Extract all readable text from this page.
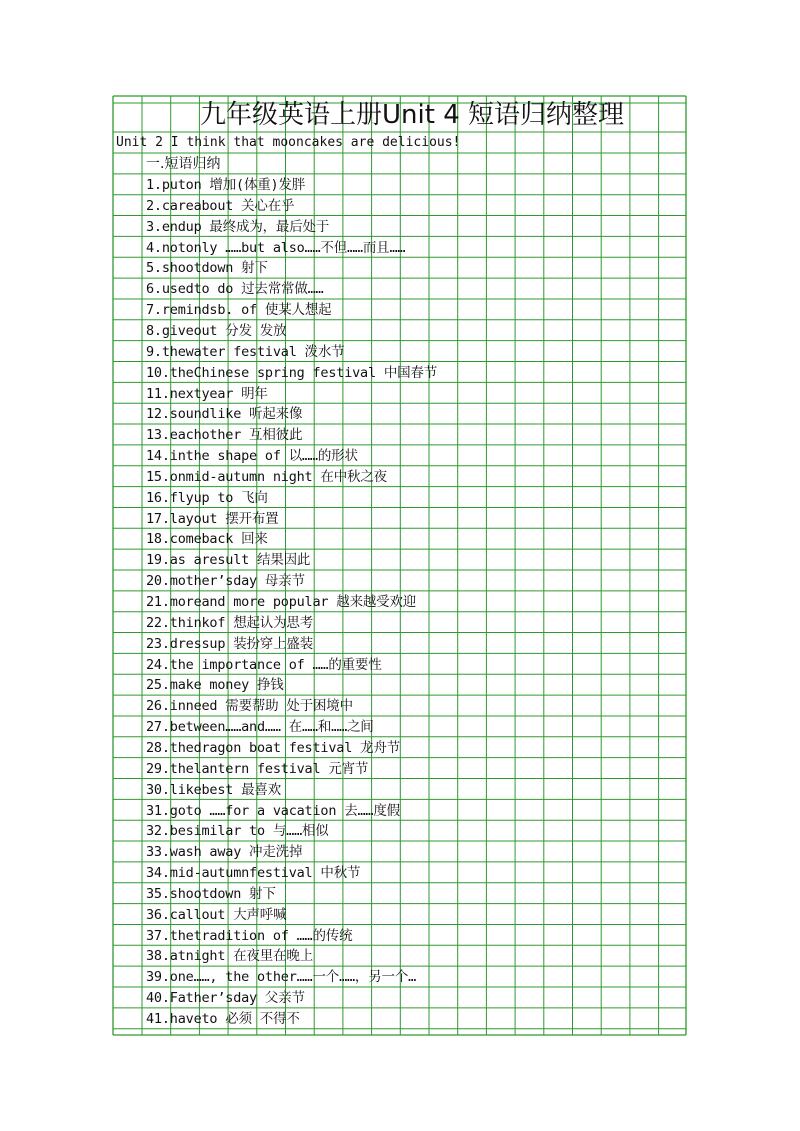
九年级英语上册Unit 4 短语归纳整理
Unit 2 I think that mooncakes are delicious!
一.短语归纳
1.puton 增加(体重)发胖
2.careabout 关心在乎
3.endup 最终成为，最后处于
4.notonly ……but also……不但……而且……
5.shootdown 射下
6.usedto do 过去常常做……
7.remindsb. of 使某人想起
8.giveout 分发 发放
9.thewater festival 泼水节
10.theChinese spring festival 中国春节
11.nextyear 明年
12.soundlike 听起来像
13.eachother 互相彼此
14.inthe shape of 以……的形状
15.onmid-autumn night 在中秋之夜
16.flyup to 飞向
17.layout 摆开布置
18.comeback 回来
19.as aresult 结果因此
20.mother’sday 母亲节
21.moreand more popular 越来越受欢迎
22.thinkof 想起认为思考
23.dressup 装扮穿上盛装
24.the importance of ……的重要性
25.make money 挣钱
26.inneed 需要帮助 处于困境中
27.between……and…… 在……和……之间
28.thedragon boat festival 龙舟节
29.thelantern festival 元宵节
30.likebest 最喜欢
31.goto ……for a vacation 去……度假
32.besimilar to 与……相似
33.wash away 冲走洗掉
34.mid-autumnfestival 中秋节
35.shootdown 射下
36.callout 大声呼喊
37.thetradition of ……的传统
38.atnight 在夜里在晚上
39.one……, the other……一个……，另一个…
40.Father’sday 父亲节
41.haveto 必须 不得不
